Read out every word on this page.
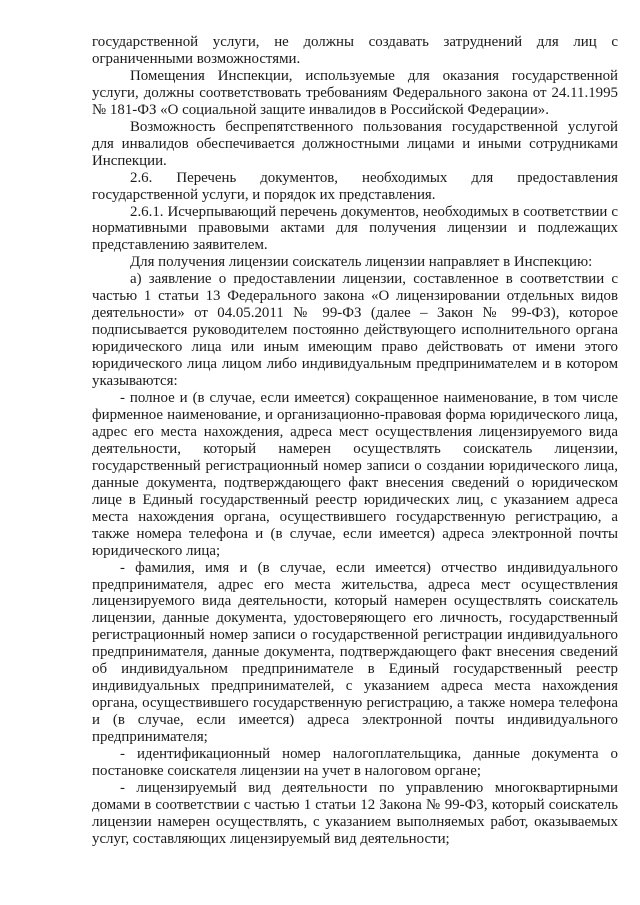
государственной услуги, не должны создавать затруднений для лиц с ограниченными возможностями.

Помещения Инспекции, используемые для оказания государственной услуги, должны соответствовать требованиям Федерального закона от 24.11.1995 № 181-ФЗ «О социальной защите инвалидов в Российской Федерации».

Возможность беспрепятственного пользования государственной услугой для инвалидов обеспечивается должностными лицами и иными сотрудниками Инспекции.

2.6. Перечень документов, необходимых для предоставления государственной услуги, и порядок их представления.

2.6.1. Исчерпывающий перечень документов, необходимых в соответствии с нормативными правовыми актами для получения лицензии и подлежащих представлению заявителем.

Для получения лицензии соискатель лицензии направляет в Инспекцию:

а) заявление о предоставлении лицензии, составленное в соответствии с частью 1 статьи 13 Федерального закона «О лицензировании отдельных видов деятельности» от 04.05.2011 № 99-ФЗ (далее – Закон № 99-ФЗ), которое подписывается руководителем постоянно действующего исполнительного органа юридического лица или иным имеющим право действовать от имени этого юридического лица лицом либо индивидуальным предпринимателем и в котором указываются:

- полное и (в случае, если имеется) сокращенное наименование, в том числе фирменное наименование, и организационно-правовая форма юридического лица, адрес его места нахождения, адреса мест осуществления лицензируемого вида деятельности, который намерен осуществлять соискатель лицензии, государственный регистрационный номер записи о создании юридического лица, данные документа, подтверждающего факт внесения сведений о юридическом лице в Единый государственный реестр юридических лиц, с указанием адреса места нахождения органа, осуществившего государственную регистрацию, а также номера телефона и (в случае, если имеется) адреса электронной почты юридического лица;

- фамилия, имя и (в случае, если имеется) отчество индивидуального предпринимателя, адрес его места жительства, адреса мест осуществления лицензируемого вида деятельности, который намерен осуществлять соискатель лицензии, данные документа, удостоверяющего его личность, государственный регистрационный номер записи о государственной регистрации индивидуального предпринимателя, данные документа, подтверждающего факт внесения сведений об индивидуальном предпринимателе в Единый государственный реестр индивидуальных предпринимателей, с указанием адреса места нахождения органа, осуществившего государственную регистрацию, а также номера телефона и (в случае, если имеется) адреса электронной почты индивидуального предпринимателя;

- идентификационный номер налогоплательщика, данные документа о постановке соискателя лицензии на учет в налоговом органе;

- лицензируемый вид деятельности по управлению многоквартирными домами в соответствии с частью 1 статьи 12 Закона № 99-ФЗ, который соискатель лицензии намерен осуществлять, с указанием выполняемых работ, оказываемых услуг, составляющих лицензируемый вид деятельности;
